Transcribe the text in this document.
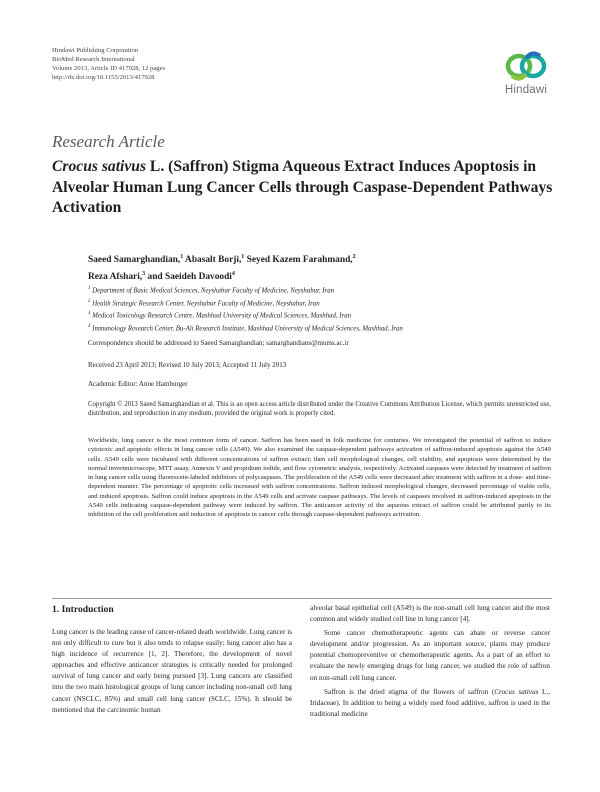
Hindawi Publishing Corporation
BioMed Research International
Volume 2013, Article ID 417928, 12 pages
http://dx.doi.org/10.1155/2013/417928
Hindawi
Research Article
Crocus sativus L. (Saffron) Stigma Aqueous Extract Induces Apoptosis in Alveolar Human Lung Cancer Cells through Caspase-Dependent Pathways Activation
Saeed Samarghandian,$^1$ Abasalt Borji,$^1$ Seyed Kazem Farahmand,$^2$
Reza Afshari,$^3$ and Saeideh Davoodi$^4$
$^1$ Department of Basic Medical Sciences, Neyshabur Faculty of Medicine, Neyshabur, Iran
$^2$ Health Strategic Research Center, Neyshabur Faculty of Medicine, Neyshabur, Iran
$^3$ Medical Toxicology Research Centre, Mashhad University of Medical Sciences, Mashhad, Iran
$^4$ Immunology Research Center, Bu-Ali Research Institute, Mashhad University of Medical Sciences, Mashhad, Iran
Correspondence should be addressed to Saeed Samarghandian; samarghandians@mums.ac.ir
Received 23 April 2013; Revised 10 July 2013; Accepted 11 July 2013
Academic Editor: Anne Hamburger
Copyright © 2013 Saeed Samarghandian et al. This is an open access article distributed under the Creative Commons Attribution License, which permits unrestricted use, distribution, and reproduction in any medium, provided the original work is properly cited.
Worldwide, lung cancer is the most common form of cancer. Saffron has been used in folk medicine for centuries. We investigated the potential of saffron to induce cytotoxic and apoptotic effects in lung cancer cells (A549). We also examined the caspase-dependent pathways activation of saffron-induced apoptosis against the A549 cells. A549 cells were incubated with different concentrations of saffron extract; then cell morphological changes, cell viability, and apoptosis were determined by the normal invertmicroscope, MTT assay, Annexin V and propidium iodide, and flow cytometric analysis, respectively. Activated caspases were detected by treatment of saffron in lung cancer cells using fluorescein-labeled inhibitors of polycaspases. The proliferation of the A549 cells were decreased after treatment with saffron in a dose- and time-dependent manner. The percentage of apoptotic cells increased with saffron concentrations. Saffron induced morphological changes, decreased percentage of viable cells, and induced apoptosis. Saffron could induce apoptosis in the A549 cells and activate caspase pathways. The levels of caspases involved in saffron-induced apoptosis in the A549 cells indicating caspase-dependent pathway were induced by saffron. The anticancer activity of the aqueous extract of saffron could be attributed partly to its inhibition of the cell proliferation and induction of apoptosis in cancer cells through caspase-dependent pathways activation.
1. Introduction

Lung cancer is the leading cause of cancer-related death worldwide. Lung cancer is not only difficult to cure but it also tends to relapse easily; lung cancer also has a high incidence of recurrence [1, 2]. Therefore, the development of novel approaches and effective anticancer strategies is critically needed for prolonged survival of lung cancer and early being pursued [3]. Lung cancers are classified into the two main histological groups of lung cancer including non-small cell lung cancer (NSCLC, 85%) and small cell lung cancer (SCLC, 15%). It should be mentioned that the carcinomic human

alveolar basal epithelial cell (A549) is the non-small cell lung cancer and the most common and widely studied cell line in lung cancer [4].

Some cancer chemotherapeutic agents can abate or reverse cancer development and/or progression. As an important source, plants may produce potential chemopreventive or chemotherapeutic agents. As a part of an effort to evaluate the newly emerging drugs for lung cancer, we studied the role of saffron on non-small cell lung cancer.

Saffron is the dried stigma of the flowers of saffron (Crocus sativus L., Iridaceae). In addition to being a widely used food additive, saffron is used in the traditional medicine
